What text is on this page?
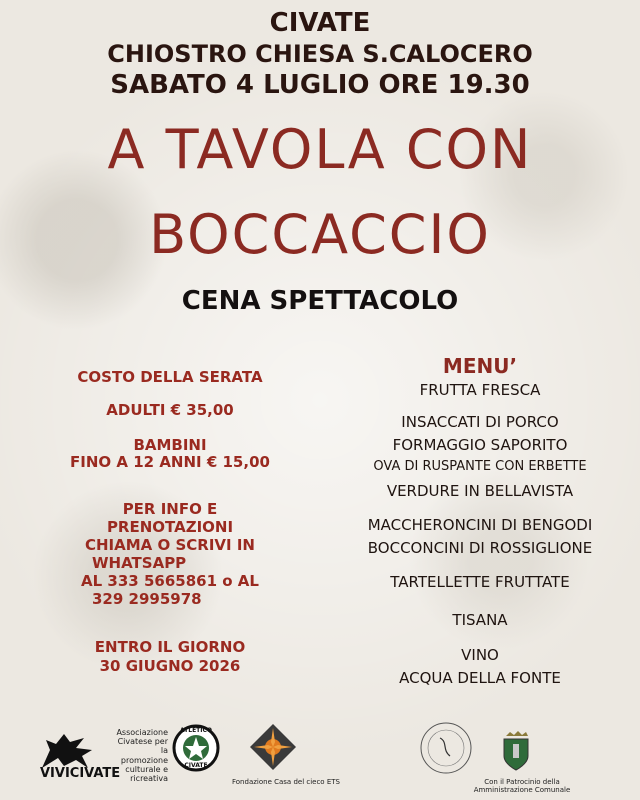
CIVATE
CHIOSTRO CHIESA S.CALOCERO
SABATO 4 LUGLIO ORE 19.30
A TAVOLA CON
BOCCACCIO
CENA SPETTACOLO
COSTO DELLA SERATA
ADULTI € 35,00
BAMBINI
FINO A 12 ANNI € 15,00
PER INFO E
PRENOTAZIONI
CHIAMA O SCRIVI IN
WHATSAPP
AL 333 5665861 o AL
329 2995978
ENTRO IL GIORNO
30 GIUGNO 2026
MENU’
FRUTTA FRESCA
INSACCATI DI PORCO
FORMAGGIO SAPORITO
OVA DI RUSPANTE CON ERBETTE
VERDURE IN BELLAVISTA
MACCHERONCINI DI BENGODI
BOCCONCINI DI ROSSIGLIONE
TARTELLETTE FRUTTATE
TISANA
VINO
ACQUA DELLA FONTE
VIVICIVATE
Associazione Civatese per la promozione culturale e ricreativa
ATLETICO
CIVATE
Fondazione Casa del cieco ETS	Con il Patrocinio della
Amministrazione Comunale
